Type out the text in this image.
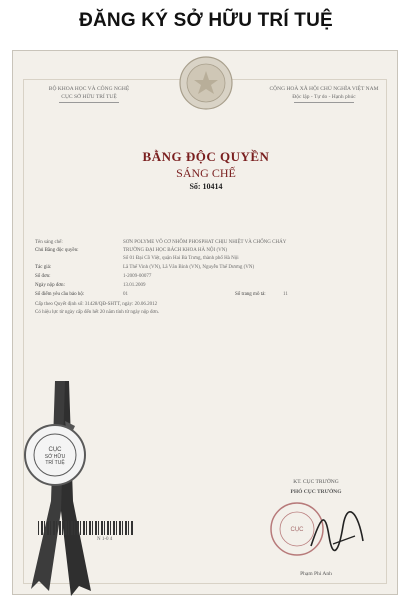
ĐĂNG KÝ SỞ HỮU TRÍ TUỆ
BỘ KHOA HỌC VÀ CÔNG NGHỆ
CỤC SỞ HỮU TRÍ TUỆ
CỘNG HOÀ XÃ HỘI CHỦ NGHĨA VIỆT NAM
Độc lập - Tự do - Hạnh phúc
BẰNG ĐỘC QUYỀN
SÁNG CHẾ
Số: 10414
Tên sáng chế:	SƠN POLYME VÔ CƠ NHÔM PHOSPHAT CHỊU NHIỆT VÀ CHỐNG CHÁY
Chủ Bằng độc quyền:	TRƯỜNG ĐẠI HỌC BÁCH KHOA HÀ NỘI (VN)
Số 01 Đại Cồ Việt, quận Hai Bà Trưng, thành phố Hà Nội
Tác giả:	Lã Thế Vinh (VN), Lã Văn Bình (VN), Nguyễn Thế Dương (VN)
Số đơn:	1-2009-00077
Ngày nộp đơn:	13.01.2009
Số điểm yêu cầu bảo hộ:	01	Số trang mô tả:	11
Cấp theo Quyết định số: 31428/QĐ-SHTT, ngày: 20.06.2012
Có hiệu lực từ ngày cấp đến hết 20 năm tính từ ngày nộp đơn.
CỤC
SỞ HỮU
TRÍ TUỆ
N 1-0 4
KT. CỤC TRƯỞNG
PHÓ CỤC TRƯỞNG
CỤC
Phạm Phi Anh
